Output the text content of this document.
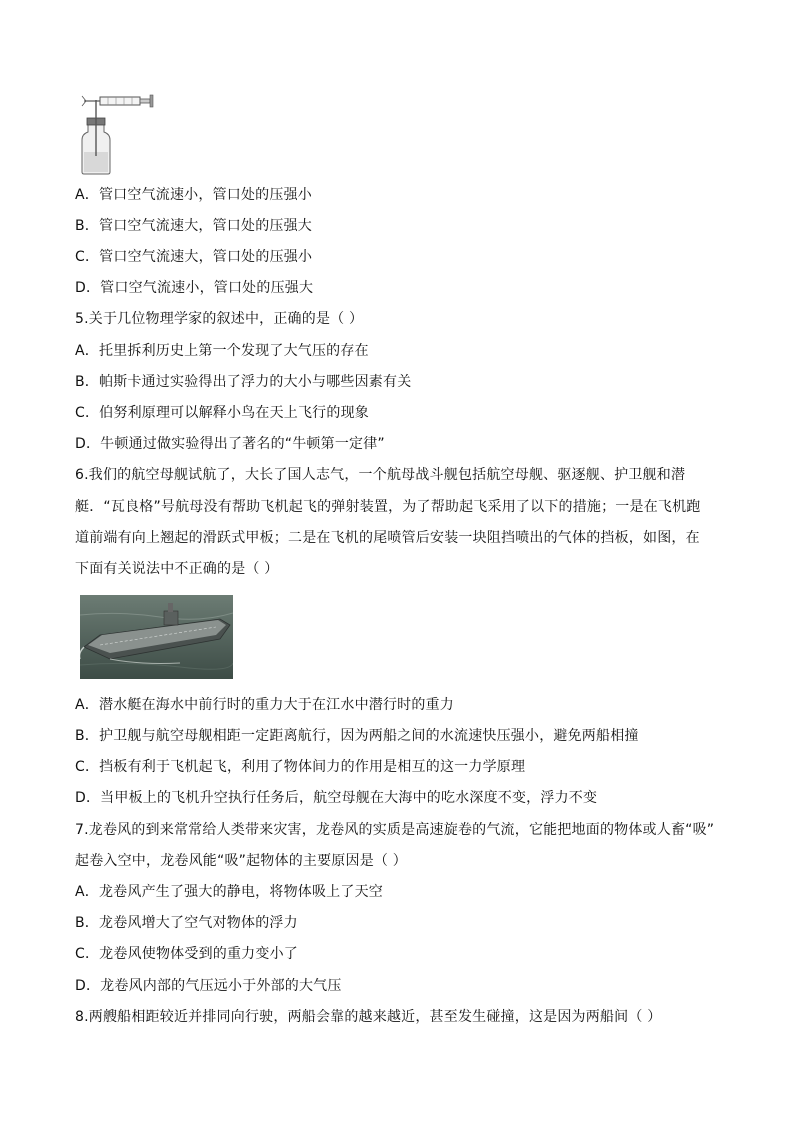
A．管口空气流速小，管口处的压强小
B．管口空气流速大，管口处的压强大
C．管口空气流速大，管口处的压强小
D．管口空气流速小，管口处的压强大
5.关于几位物理学家的叙述中，正确的是（ ）
A．托里拆利历史上第一个发现了大气压的存在
B．帕斯卡通过实验得出了浮力的大小与哪些因素有关
C．伯努利原理可以解释小鸟在天上飞行的现象
D．牛顿通过做实验得出了著名的“牛顿第一定律”
6.我们的航空母舰试航了，大长了国人志气，一个航母战斗舰包括航空母舰、驱逐舰、护卫舰和潜
艇．“瓦良格”号航母没有帮助飞机起飞的弹射装置，为了帮助起飞采用了以下的措施；一是在飞机跑
道前端有向上翘起的滑跃式甲板；二是在飞机的尾喷管后安装一块阻挡喷出的气体的挡板，如图，在
下面有关说法中不正确的是（ ）
A．潜水艇在海水中前行时的重力大于在江水中潜行时的重力
B．护卫舰与航空母舰相距一定距离航行，因为两船之间的水流速快压强小，避免两船相撞
C．挡板有利于飞机起飞，利用了物体间力的作用是相互的这一力学原理
D．当甲板上的飞机升空执行任务后，航空母舰在大海中的吃水深度不变，浮力不变
7.龙卷风的到来常常给人类带来灾害，龙卷风的实质是高速旋卷的气流，它能把地面的物体或人畜“吸”
起卷入空中，龙卷风能“吸”起物体的主要原因是（ ）
A．龙卷风产生了强大的静电，将物体吸上了天空
B．龙卷风增大了空气对物体的浮力
C．龙卷风使物体受到的重力变小了
D．龙卷风内部的气压远小于外部的大气压
8.两艘船相距较近并排同向行驶，两船会靠的越来越近，甚至发生碰撞，这是因为两船间（ ）
